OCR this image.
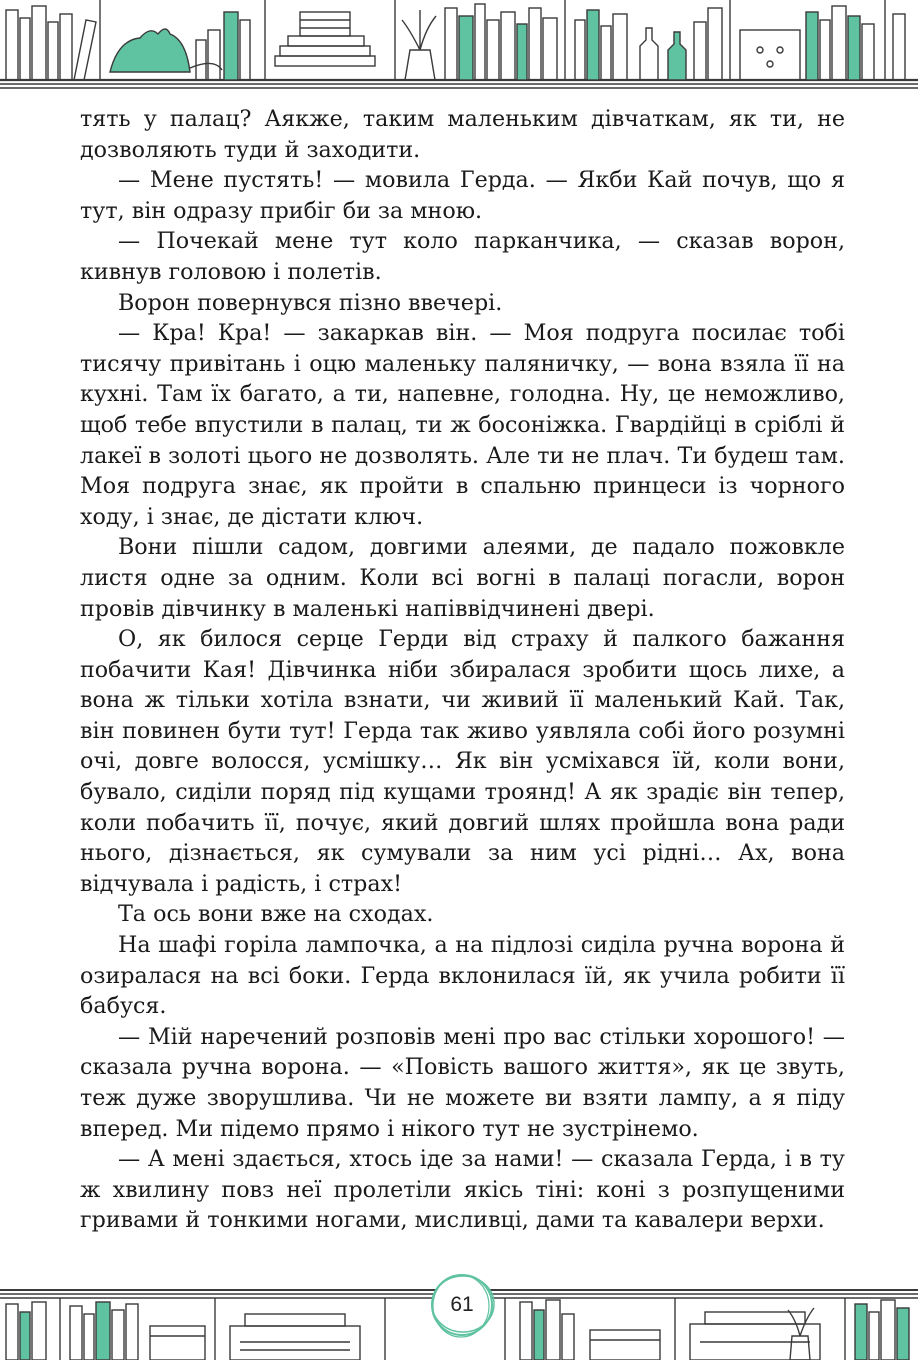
тять у палац? Аякже, таким маленьким дівчаткам, як ти, не дозволяють туди й заходити.

— Мене пустять! — мовила Герда. — Якби Кай почув, що я тут, він одразу прибіг би за мною.

— Почекай мене тут коло парканчика, — сказав ворон, кивнув головою і полетів.

Ворон повернувся пізно ввечері.

— Кра! Кра! — закаркав він. — Моя подруга посилає тобі тисячу привітань і оцю маленьку паляничку, — вона взяла її на кухні. Там їх багато, а ти, напевне, голодна. Ну, це неможливо, щоб тебе впустили в палац, ти ж босоніжка. Гвардійці в сріблі й лакеї в золоті цього не дозволять. Але ти не плач. Ти будеш там. Моя подруга знає, як пройти в спальню принцеси із чорного ходу, і знає, де дістати ключ.

Вони пішли садом, довгими алеями, де падало пожовкле листя одне за одним. Коли всі вогні в палаці погасли, ворон провів дівчинку в маленькі напіввідчинені двері.

О, як билося серце Герди від страху й палкого бажання побачити Кая! Дівчинка ніби збиралася зробити щось лихе, а вона ж тільки хотіла взнати, чи живий її маленький Кай. Так, він повинен бути тут! Герда так живо уявляла собі його розумні очі, довге волосся, усмішку… Як він усміхався їй, коли вони, бувало, сиділи поряд під кущами троянд! А як зрадіє він тепер, коли побачить її, почує, який довгий шлях пройшла вона ради нього, дізнається, як сумували за ним усі рідні… Ах, вона відчувала і радість, і страх!

Та ось вони вже на сходах.

На шафі горіла лампочка, а на підлозі сиділа ручна ворона й озиралася на всі боки. Герда вклонилася їй, як учила робити її бабуся.

— Мій наречений розповів мені про вас стільки хорошого! — сказала ручна ворона. — «Повість вашого життя», як це звуть, теж дуже зворушлива. Чи не можете ви взяти лампу, а я піду вперед. Ми підемо прямо і нікого тут не зустрінемо.

— А мені здається, хтось іде за нами! — сказала Герда, і в ту ж хвилину повз неї пролетіли якісь тіні: коні з розпущеними гривами й тонкими ногами, мисливці, дами та кавалери верхи.

61
